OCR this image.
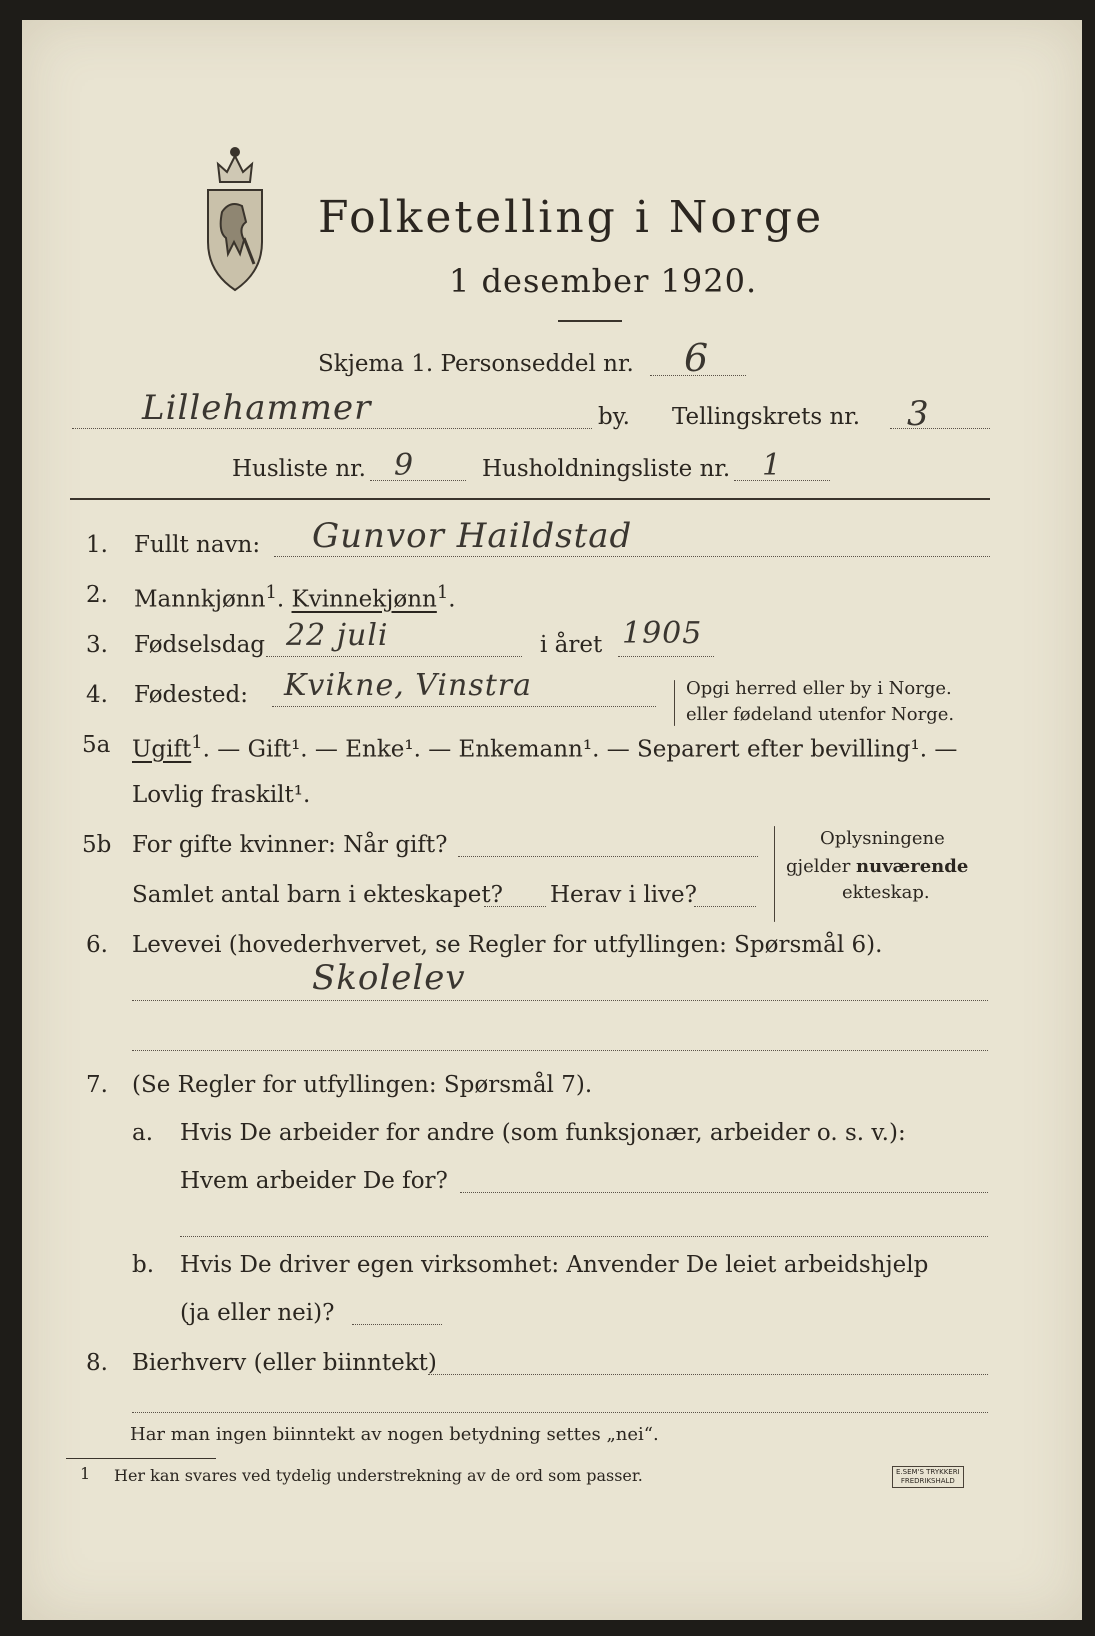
Folketelling i Norge
1 desember 1920.
Skjema 1. Personseddel nr. 6
Lillehammer	by. Tellingskrets nr. 3
Husliste nr. 9	Husholdningsliste nr. 1
1. Fullt navn: Gunvor Haildstad
2. Mannkjønn$^1$. Kvinnekjønn$^1$.
3. Fødselsdag 22 juli	i året 1905
4. Fødested: Kvikne, Vinstra	Opgi herred eller by i Norge.
eller fødeland utenfor Norge.
5a Ugift$^1$. — Gift¹. — Enke¹. — Enkemann¹. — Separert efter bevilling¹. —
Lovlig fraskilt¹.
5b For gifte kvinner: Når gift?
Samlet antal barn i ekteskapet? Herav i live?
Oplysningene
gjelder nuværende
ekteskap.
6. Levevei (hovederhvervet, se Regler for utfyllingen: Spørsmål 6).
Skolelev
7. (Se Regler for utfyllingen: Spørsmål 7).
a. Hvis De arbeider for andre (som funksjonær, arbeider o. s. v.):
Hvem arbeider De for?
b. Hvis De driver egen virksomhet: Anvender De leiet arbeidshjelp
(ja eller nei)?
8. Bierhverv (eller biinntekt)
Har man ingen biinntekt av nogen betydning settes „nei“.
1 Her kan svares ved tydelig understrekning av de ord som passer.	E.SEM'S TRYKKERI
FREDRIKSHALD
